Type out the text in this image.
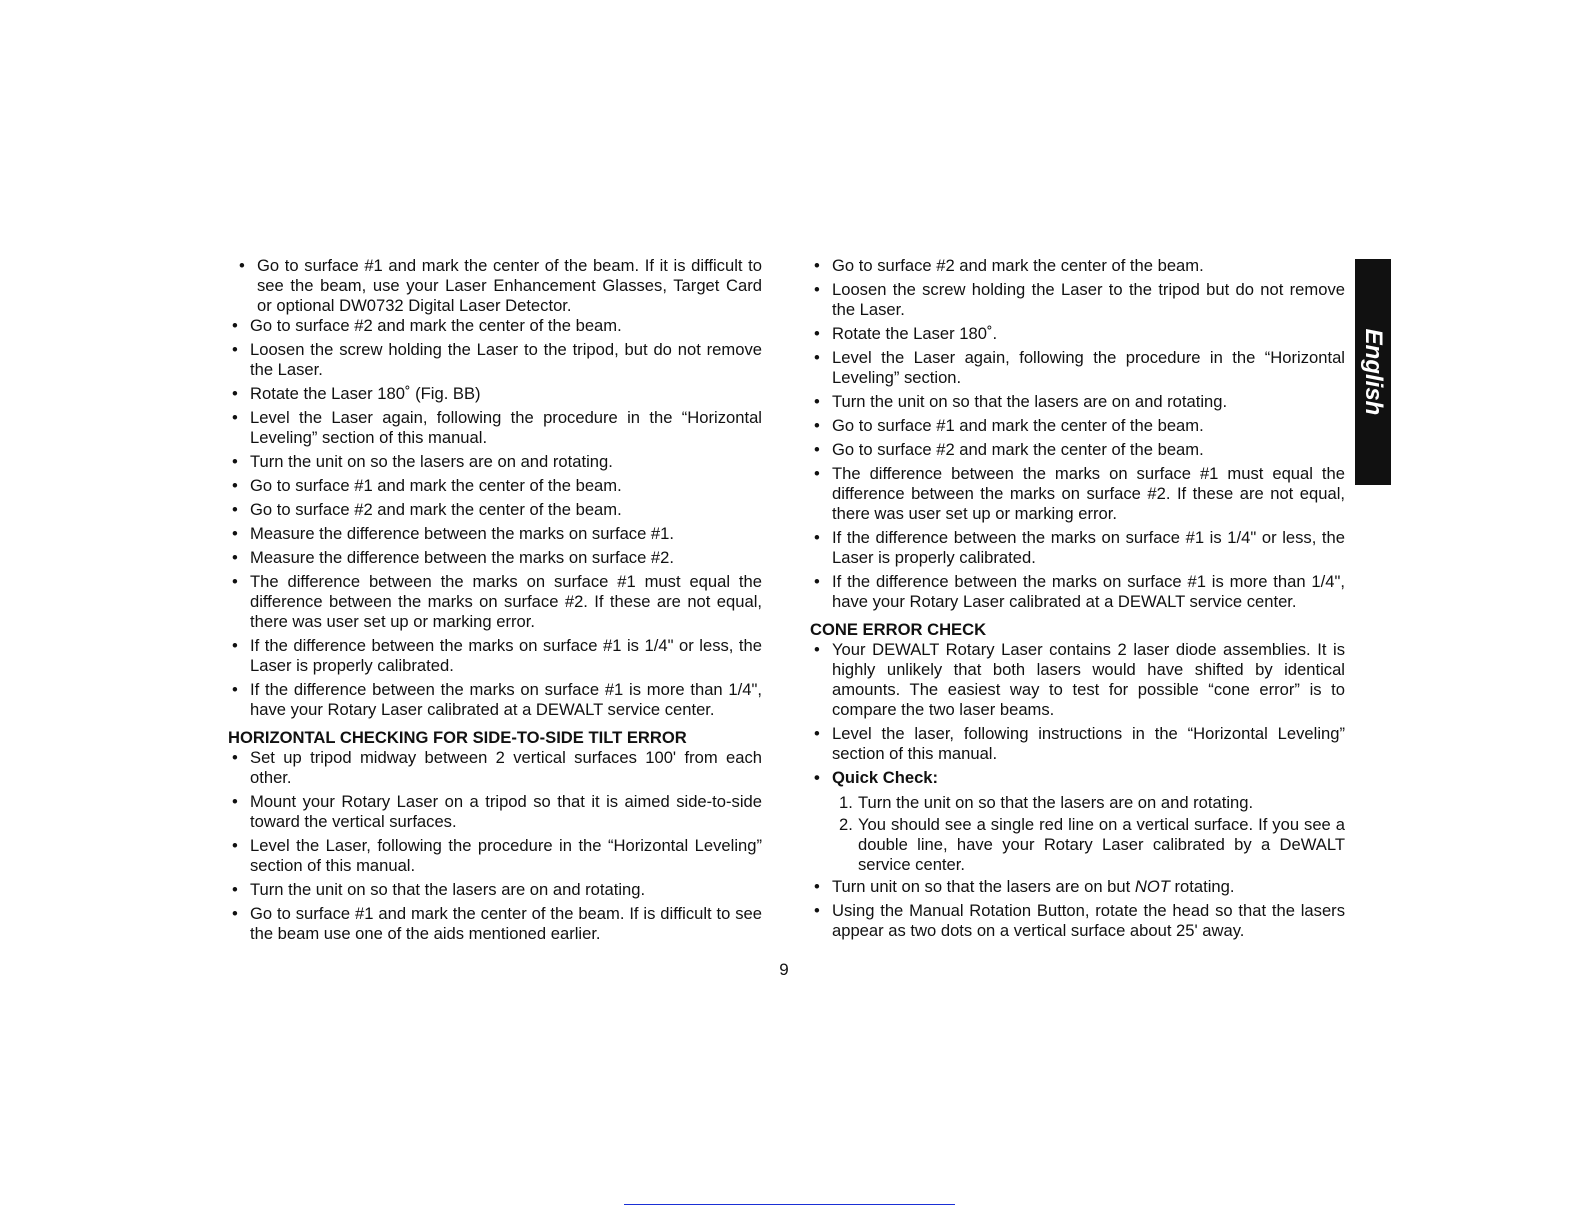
• Go to surface #1 and mark the center of the beam. If it is difficult to see the beam, use your Laser Enhancement Glasses, Target Card or optional DW0732 Digital Laser Detector.
• Go to surface #2 and mark the center of the beam.
• Loosen the screw holding the Laser to the tripod, but do not remove the Laser.
• Rotate the Laser 180˚ (Fig. BB)
• Level the Laser again, following the procedure in the “Horizontal Leveling” section of this manual.
• Turn the unit on so the lasers are on and rotating.
• Go to surface #1 and mark the center of the beam.
• Go to surface #2 and mark the center of the beam.
• Measure the difference between the marks on surface #1.
• Measure the difference between the marks on surface #2.
• The difference between the marks on surface #1 must equal the difference between the marks on surface #2. If these are not equal, there was user set up or marking error.
• If the difference between the marks on surface #1 is 1/4" or less, the Laser is properly calibrated.
• If the difference between the marks on surface #1 is more than 1/4", have your Rotary Laser calibrated at a DEWALT service center.
HORIZONTAL CHECKING FOR SIDE-TO-SIDE TILT ERROR
• Set up tripod midway between 2 vertical surfaces 100' from each other.
• Mount your Rotary Laser on a tripod so that it is aimed side-to-side toward the vertical surfaces.
• Level the Laser, following the procedure in the “Horizontal Leveling” section of this manual.
• Turn the unit on so that the lasers are on and rotating.
• Go to surface #1 and mark the center of the beam. If is difficult to see the beam use one of the aids mentioned earlier.
• Go to surface #2 and mark the center of the beam.
• Loosen the screw holding the Laser to the tripod but do not remove the Laser.
• Rotate the Laser 180˚.
• Level the Laser again, following the procedure in the “Horizontal Leveling” section.
• Turn the unit on so that the lasers are on and rotating.
• Go to surface #1 and mark the center of the beam.
• Go to surface #2 and mark the center of the beam.
• The difference between the marks on surface #1 must equal the difference between the marks on surface #2. If these are not equal, there was user set up or marking error.
• If the difference between the marks on surface #1 is 1/4" or less, the Laser is properly calibrated.
• If the difference between the marks on surface #1 is more than 1/4", have your Rotary Laser calibrated at a DEWALT service center.
CONE ERROR CHECK
• Your DEWALT Rotary Laser contains 2 laser diode assemblies. It is highly unlikely that both lasers would have shifted by identical amounts. The easiest way to test for possible “cone error” is to compare the two laser beams.
• Level the laser, following instructions in the “Horizontal Leveling” section of this manual.
• Quick Check:
1. Turn the unit on so that the lasers are on and rotating.
2. You should see a single red line on a vertical surface. If you see a double line, have your Rotary Laser calibrated by a DeWALT service center.
• Turn unit on so that the lasers are on but NOT rotating.
• Using the Manual Rotation Button, rotate the head so that the lasers appear as two dots on a vertical surface about 25' away.
English
9
